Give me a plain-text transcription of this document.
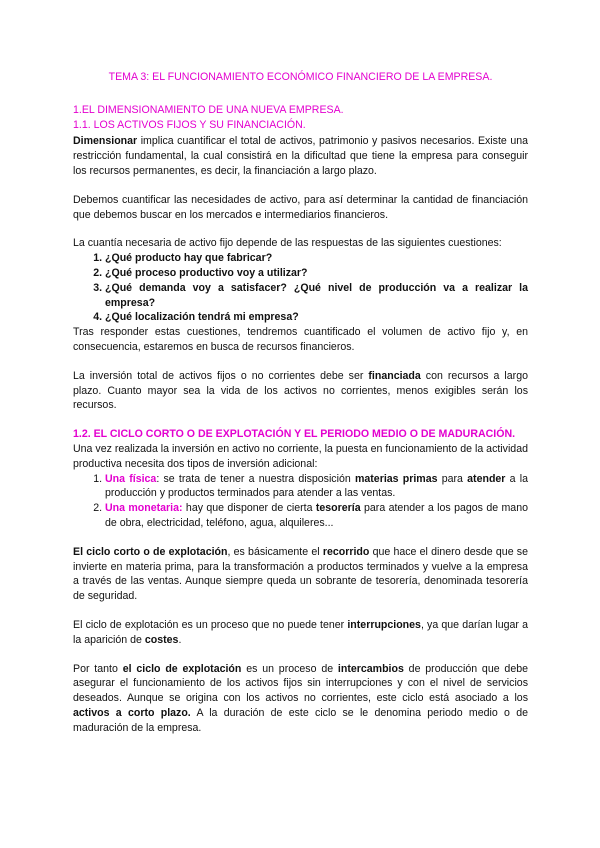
TEMA 3: EL FUNCIONAMIENTO ECONÓMICO FINANCIERO DE LA EMPRESA.
1.EL DIMENSIONAMIENTO DE UNA NUEVA EMPRESA.
1.1. LOS ACTIVOS FIJOS Y SU FINANCIACIÓN.

Dimensionar implica cuantificar el total de activos, patrimonio y pasivos necesarios. Existe una restricción fundamental, la cual consistirá en la dificultad que tiene la empresa para conseguir los recursos permanentes, es decir, la financiación a largo plazo.

Debemos cuantificar las necesidades de activo, para así determinar la cantidad de financiación que debemos buscar en los mercados e intermediarios financieros.

La cuantía necesaria de activo fijo depende de las respuestas de las siguientes cuestiones:

1. ¿Qué producto hay que fabricar?
2. ¿Qué proceso productivo voy a utilizar?
3. ¿Qué demanda voy a satisfacer? ¿Qué nivel de producción va a realizar la empresa?
4. ¿Qué localización tendrá mi empresa?

Tras responder estas cuestiones, tendremos cuantificado el volumen de activo fijo y, en consecuencia, estaremos en busca de recursos financieros.

La inversión total de activos fijos o no corrientes debe ser financiada con recursos a largo plazo. Cuanto mayor sea la vida de los activos no corrientes, menos exigibles serán los recursos.

1.2. EL CICLO CORTO O DE EXPLOTACIÓN Y EL PERIODO MEDIO O DE MADURACIÓN.

Una vez realizada la inversión en activo no corriente, la puesta en funcionamiento de la actividad productiva necesita dos tipos de inversión adicional:

1. Una física: se trata de tener a nuestra disposición materias primas para atender a la producción y productos terminados para atender a las ventas.
2. Una monetaria: hay que disponer de cierta tesorería para atender a los pagos de mano de obra, electricidad, teléfono, agua, alquileres...

El ciclo corto o de explotación, es básicamente el recorrido que hace el dinero desde que se invierte en materia prima, para la transformación a productos terminados y vuelve a la empresa a través de las ventas. Aunque siempre queda un sobrante de tesorería, denominada tesorería de seguridad.

El ciclo de explotación es un proceso que no puede tener interrupciones, ya que darían lugar a la aparición de costes.

Por tanto el ciclo de explotación es un proceso de intercambios de producción que debe asegurar el funcionamiento de los activos fijos sin interrupciones y con el nivel de servicios deseados. Aunque se origina con los activos no corrientes, este ciclo está asociado a los activos a corto plazo. A la duración de este ciclo se le denomina periodo medio o de maduración de la empresa.
